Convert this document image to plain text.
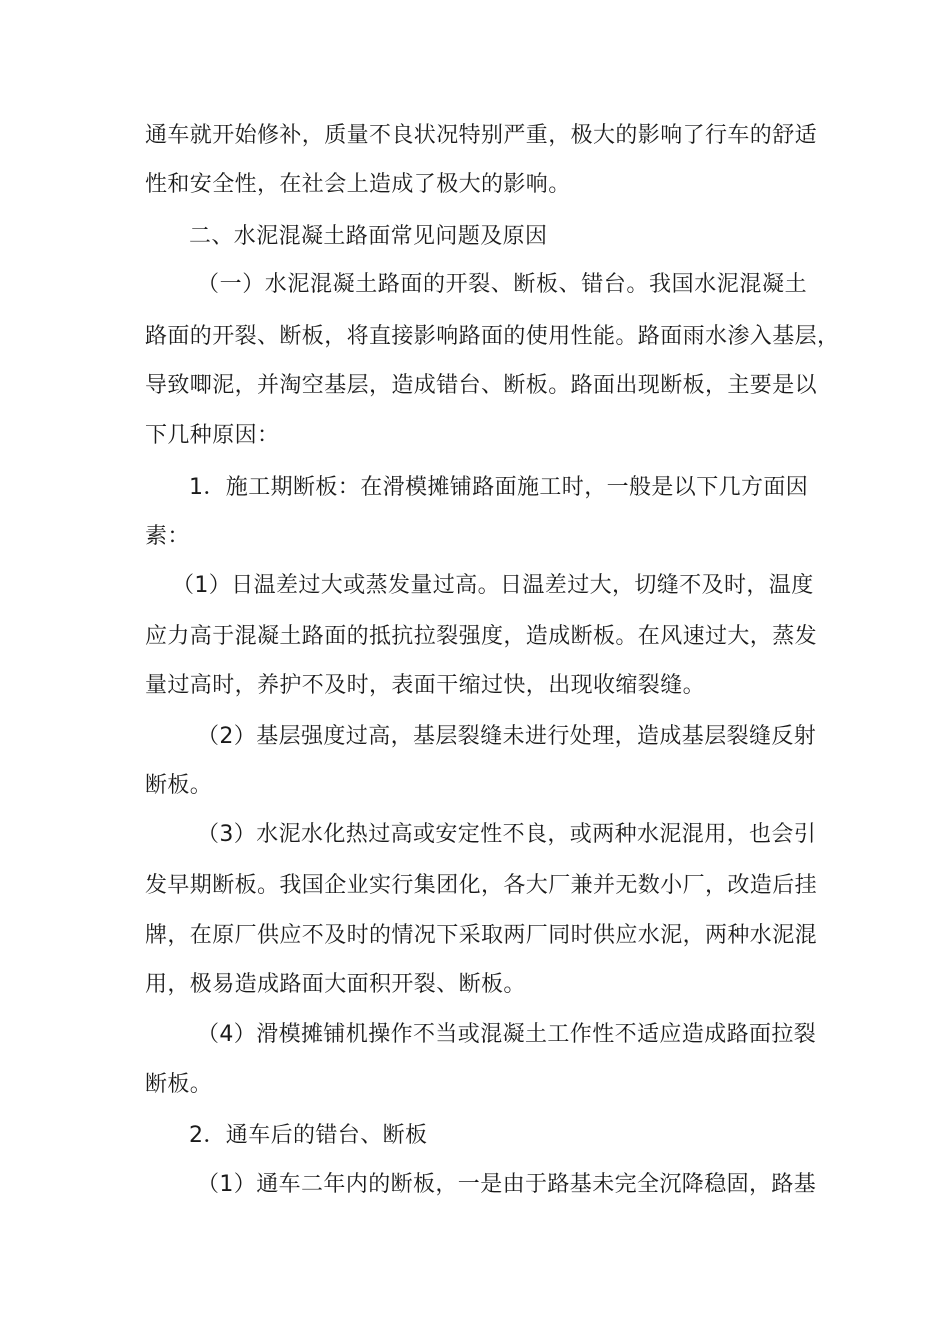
通车就开始修补，质量不良状况特别严重，极大的影响了行车的舒适
性和安全性，在社会上造成了极大的影响。
二、水泥混凝土路面常见问题及原因
（一）水泥混凝土路面的开裂、断板、错台。我国水泥混凝土
路面的开裂、断板，将直接影响路面的使用性能。路面雨水渗入基层，
导致唧泥，并淘空基层，造成错台、断板。路面出现断板，主要是以
下几种原因：
1．施工期断板：在滑模摊铺路面施工时，一般是以下几方面因
素：
（1）日温差过大或蒸发量过高。日温差过大，切缝不及时，温度
应力高于混凝土路面的抵抗拉裂强度，造成断板。在风速过大，蒸发
量过高时，养护不及时，表面干缩过快，出现收缩裂缝。
（2）基层强度过高，基层裂缝未进行处理，造成基层裂缝反射
断板。
（3）水泥水化热过高或安定性不良，或两种水泥混用，也会引
发早期断板。我国企业实行集团化，各大厂兼并无数小厂，改造后挂
牌，在原厂供应不及时的情况下采取两厂同时供应水泥，两种水泥混
用，极易造成路面大面积开裂、断板。
（4）滑模摊铺机操作不当或混凝土工作性不适应造成路面拉裂
断板。
2．通车后的错台、断板
（1）通车二年内的断板，一是由于路基未完全沉降稳固，路基
